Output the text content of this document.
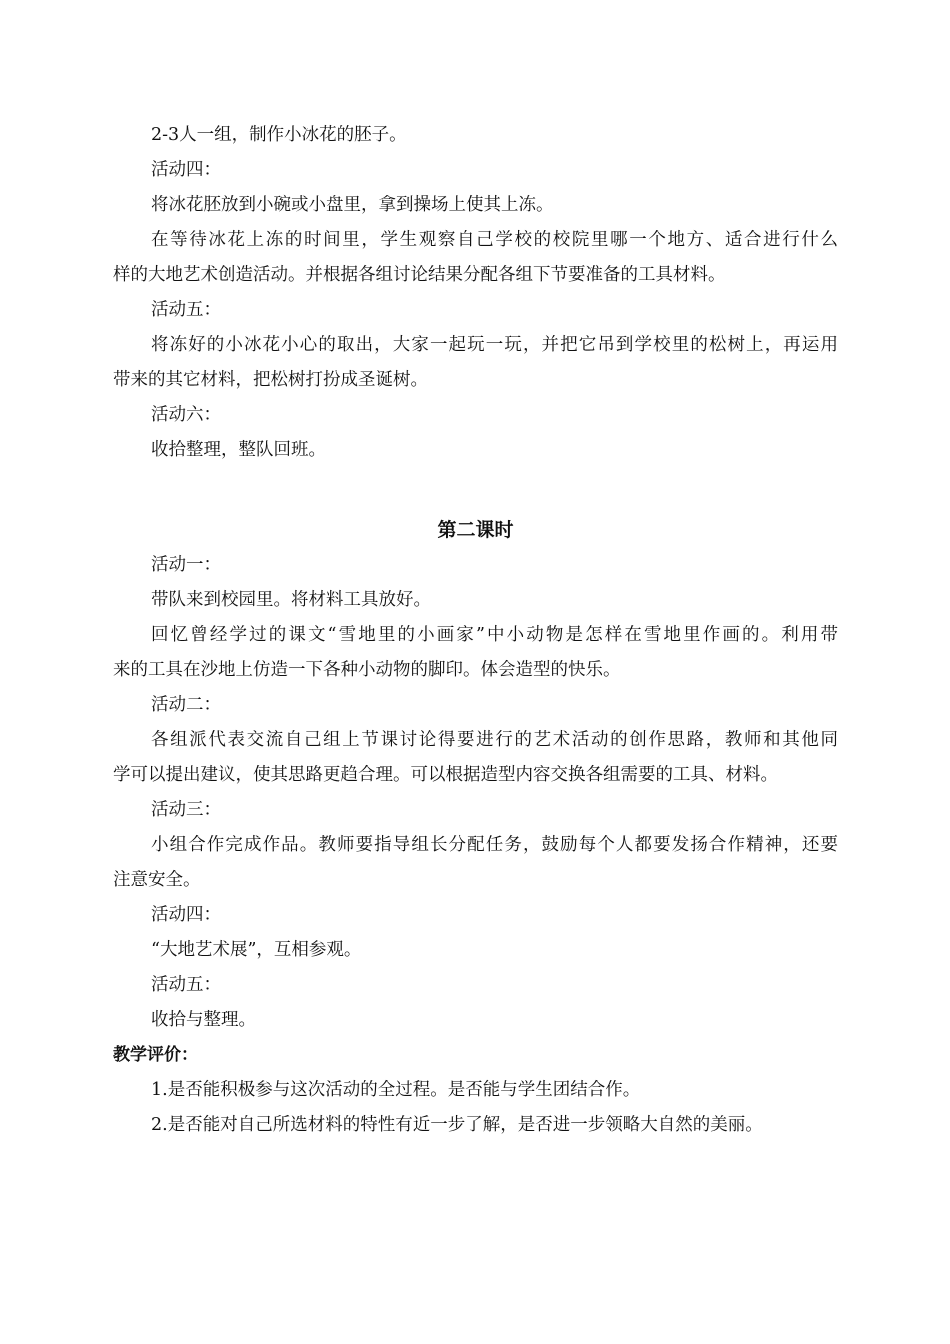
2-3人一组，制作小冰花的胚子。

活动四：

将冰花胚放到小碗或小盘里，拿到操场上使其上冻。

在等待冰花上冻的时间里，学生观察自己学校的校院里哪一个地方、适合进行什么

样的大地艺术创造活动。并根据各组讨论结果分配各组下节要准备的工具材料。

活动五：

将冻好的小冰花小心的取出，大家一起玩一玩，并把它吊到学校里的松树上，再运用

带来的其它材料，把松树打扮成圣诞树。

活动六：

收拾整理，整队回班。

第二课时

活动一：

带队来到校园里。将材料工具放好。

回忆曾经学过的课文“雪地里的小画家”中小动物是怎样在雪地里作画的。利用带

来的工具在沙地上仿造一下各种小动物的脚印。体会造型的快乐。

活动二：

各组派代表交流自己组上节课讨论得要进行的艺术活动的创作思路，教师和其他同

学可以提出建议，使其思路更趋合理。可以根据造型内容交换各组需要的工具、材料。

活动三：

小组合作完成作品。教师要指导组长分配任务，鼓励每个人都要发扬合作精神，还要

注意安全。

活动四：

“大地艺术展”，互相参观。

活动五：

收拾与整理。

教学评价：

1.是否能积极参与这次活动的全过程。是否能与学生团结合作。

2.是否能对自己所选材料的特性有近一步了解，是否进一步领略大自然的美丽。
